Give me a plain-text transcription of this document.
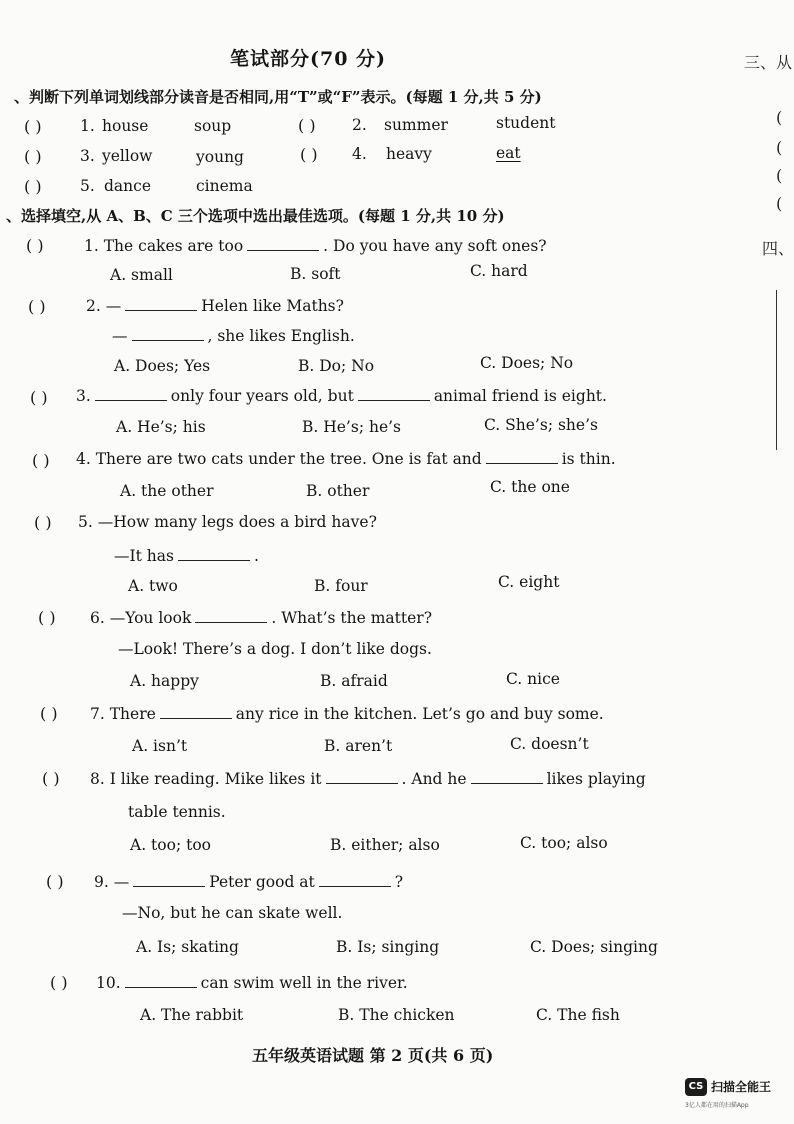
笔试部分(70 分)	三、从
(
(
(
(
四、
、判断下列单词划线部分读音是否相同,用“T”或“F”表示。(每题 1 分,共 5 分)
( ) 1. house	soup	( ) 2. summer	student
( ) 3. yellow	young	( ) 4. heavy	eat
( ) 5. dance	cinema
、选择填空,从 A、B、C 三个选项中选出最佳选项。(每题 1 分,共 10 分)
( )	1. The cakes are too	. Do you have any soft ones?
A. small	B. soft	C. hard
( )	2. —	Helen like Maths?
—	, she likes English.
A. Does; Yes	B. Do; No	C. Does; No
( ) 3.	only four years old, but	animal friend is eight.
A. He’s; his	B. He’s; he’s	C. She’s; she’s
( ) 4. There are two cats under the tree. One is fat and	is thin.
A. the other	B. other	C. the one
( ) 5. —How many legs does a bird have?
—It has	.
A. two	B. four	C. eight
( ) 6. —You look	. What’s the matter?
—Look! There’s a dog. I don’t like dogs.
A. happy	B. afraid	C. nice
( ) 7. There	any rice in the kitchen. Let’s go and buy some.
A. isn’t	B. aren’t	C. doesn’t
( ) 8. I like reading. Mike likes it	. And he	likes playing
table tennis.
A. too; too	B. either; also	C. too; also
( ) 9. —	Peter good at	?
—No, but he can skate well.
A. Is; skating	B. Is; singing	C. Does; singing
( ) 10.	can swim well in the river.
A. The rabbit	B. The chicken	C. The fish
五年级英语试题 第 2 页(共 6 页)
CS 扫描全能王
3亿人都在用的扫描App
